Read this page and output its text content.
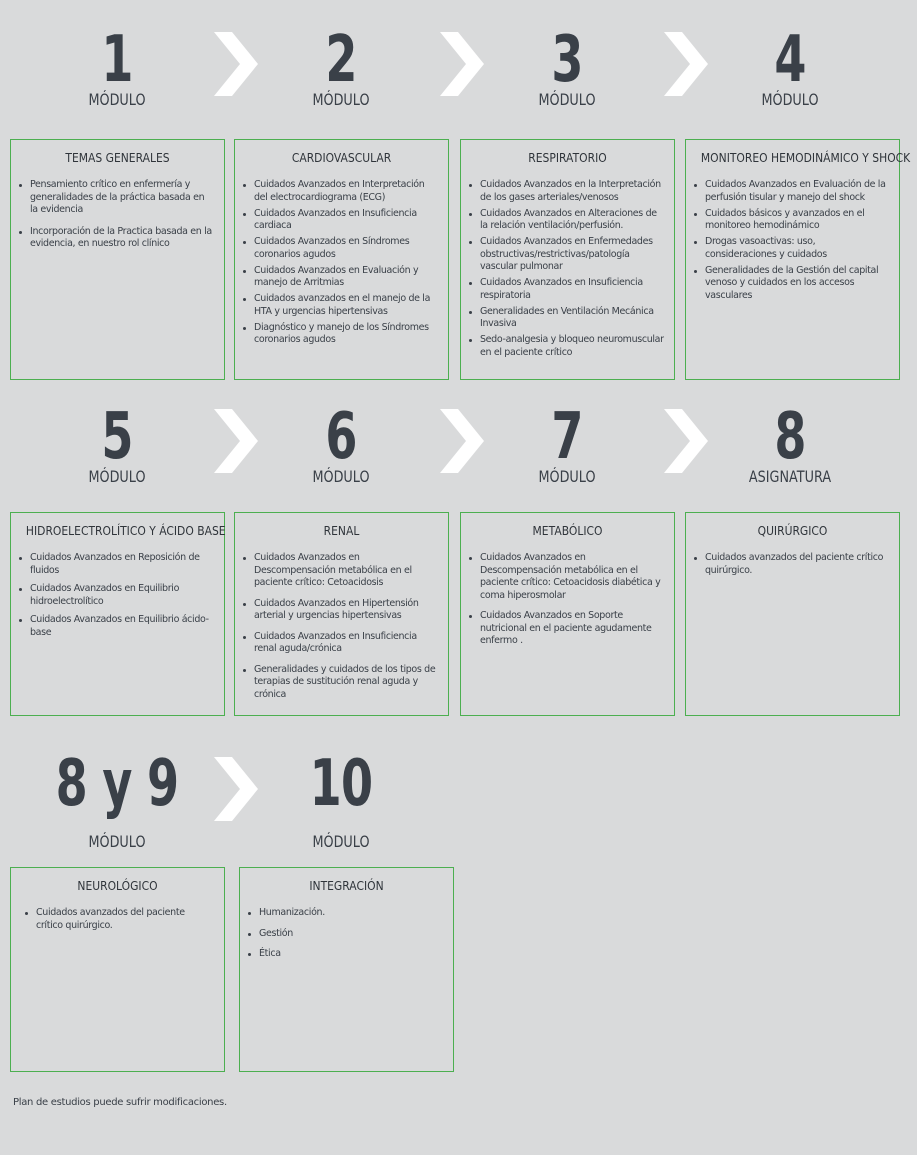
1
MÓDULO
2
MÓDULO
3
MÓDULO
4
MÓDULO
TEMAS GENERALES
Pensamiento crítico en enfermería y generalidades de la práctica basada en la evidencia
Incorporación de la Practica basada en la evidencia, en nuestro rol clínico
CARDIOVASCULAR
Cuidados Avanzados en Interpretación del electrocardiograma (ECG)
Cuidados Avanzados en Insuficiencia cardiaca
Cuidados Avanzados en Síndromes coronarios agudos
Cuidados Avanzados en Evaluación y manejo de Arritmias
Cuidados avanzados en el manejo de la HTA y urgencias hipertensivas
Diagnóstico y manejo de los Síndromes coronarios agudos
RESPIRATORIO
Cuidados Avanzados en la Interpretación de los gases arteriales/venosos
Cuidados Avanzados en Alteraciones de la relación ventilación/perfusión.
Cuidados Avanzados en Enfermedades obstructivas/restrictivas/patología vascular pulmonar
Cuidados Avanzados en Insuficiencia respiratoria
Generalidades en Ventilación Mecánica Invasiva
Sedo-analgesia y bloqueo neuromuscular en el paciente crítico
MONITOREO HEMODINÁMICO Y SHOCK
Cuidados Avanzados en Evaluación de la perfusión tisular y manejo del shock
Cuidados básicos y avanzados en el monitoreo hemodinámico
Drogas vasoactivas: uso, consideraciones y cuidados
Generalidades de la Gestión del capital venoso y cuidados en los accesos vasculares
5
MÓDULO
6
MÓDULO
7
MÓDULO
8
ASIGNATURA
HIDROELECTROLÍTICO Y ÁCIDO BASE
Cuidados Avanzados en Reposición de fluidos
Cuidados Avanzados en Equilibrio hidroelectrolítico
Cuidados Avanzados en Equilibrio ácido-base
RENAL
Cuidados Avanzados en Descompensación metabólica en el paciente crítico: Cetoacidosis
Cuidados Avanzados en Hipertensión arterial y urgencias hipertensivas
Cuidados Avanzados en Insuficiencia renal aguda/crónica
Generalidades y cuidados de los tipos de terapias de sustitución renal aguda y crónica
METABÓLICO
Cuidados Avanzados en Descompensación metabólica en el paciente crítico: Cetoacidosis diabética y coma hiperosmolar
Cuidados Avanzados en Soporte nutricional en el paciente agudamente enfermo .
QUIRÚRGICO
Cuidados avanzados del paciente crítico quirúrgico.
8 y 9
MÓDULO
10
MÓDULO
NEUROLÓGICO
Cuidados avanzados del paciente crítico quirúrgico.
INTEGRACIÓN
Humanización.
Gestión
Ética
Plan de estudios puede sufrir modificaciones.
